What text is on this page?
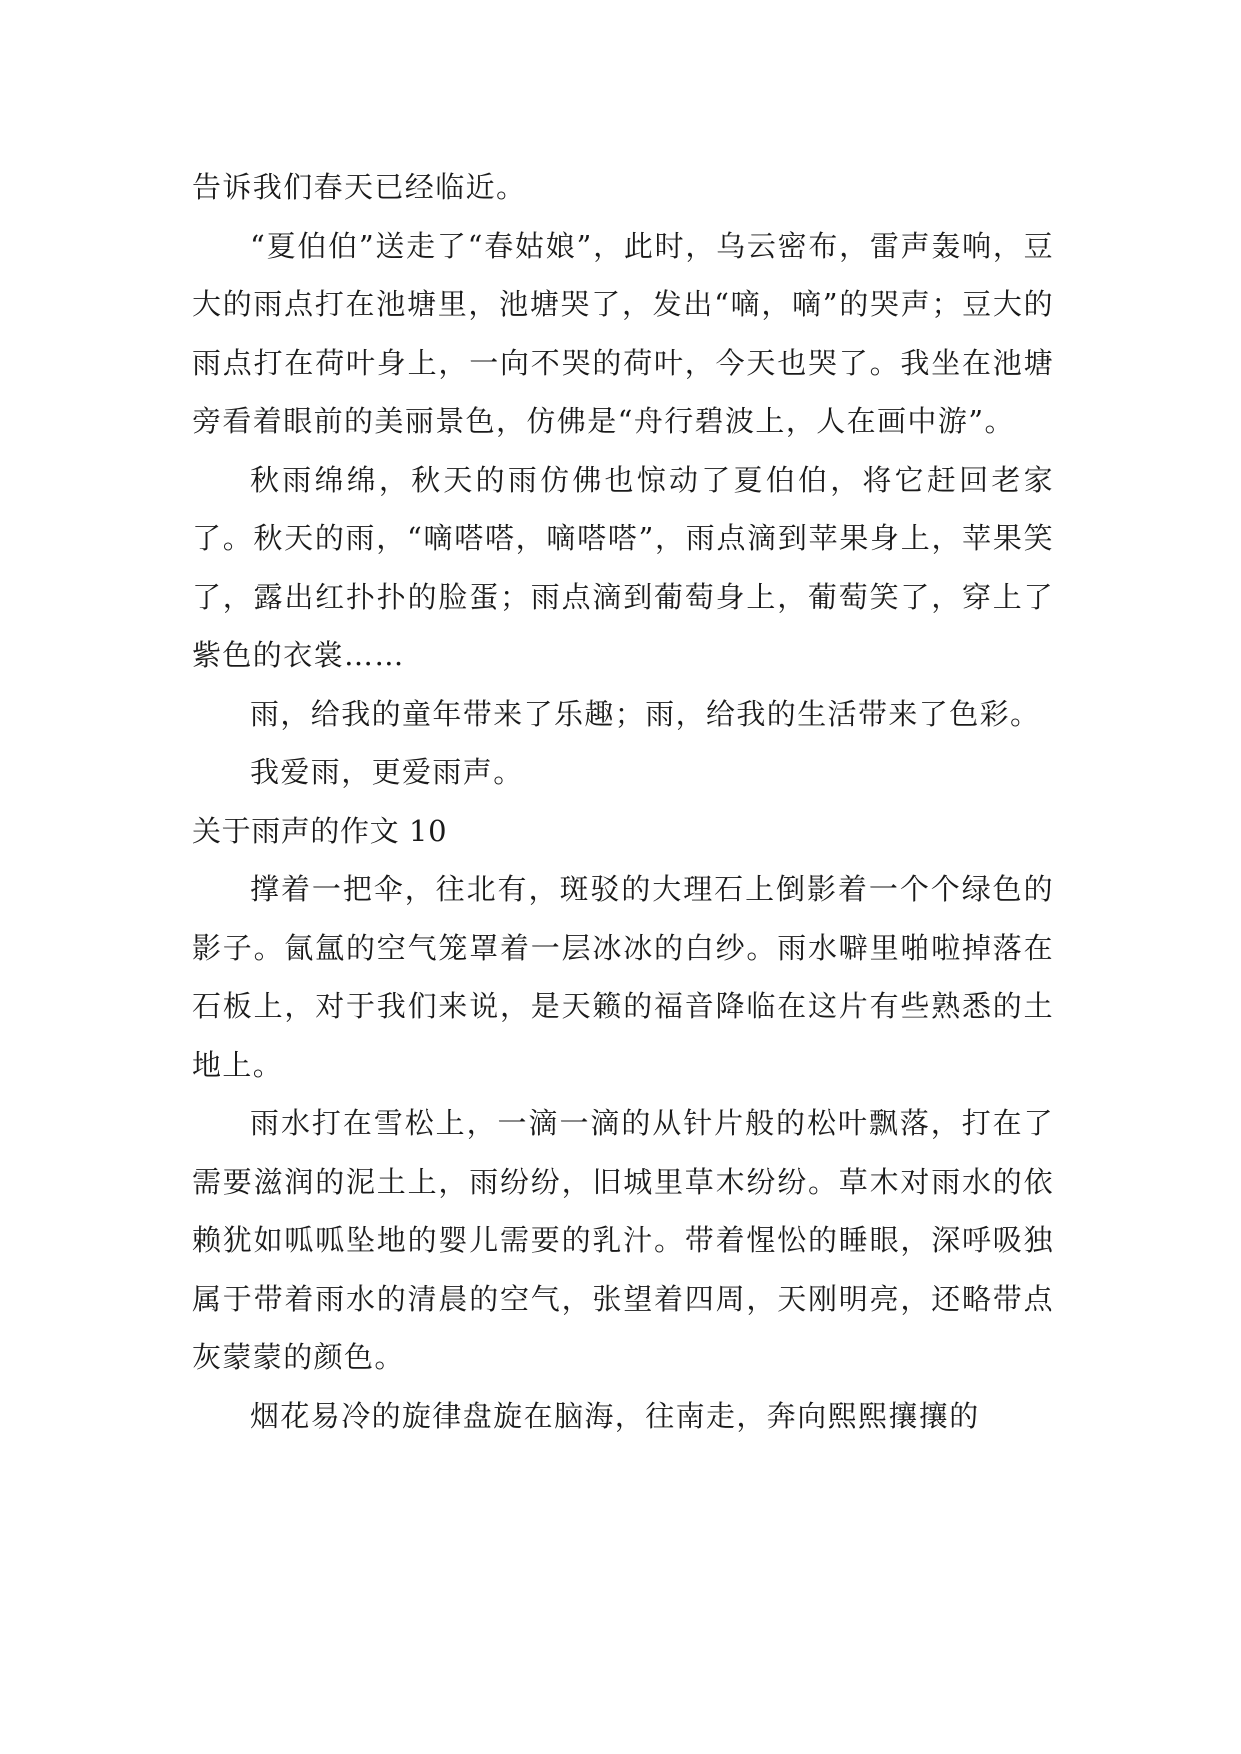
告诉我们春天已经临近。

“夏伯伯”送走了“春姑娘”，此时，乌云密布，雷声轰响，豆大的雨点打在池塘里，池塘哭了，发出“嘀，嘀”的哭声；豆大的雨点打在荷叶身上，一向不哭的荷叶，今天也哭了。我坐在池塘旁看着眼前的美丽景色，仿佛是“舟行碧波上，人在画中游”。

秋雨绵绵，秋天的雨仿佛也惊动了夏伯伯，将它赶回老家了。秋天的雨，“嘀嗒嗒，嘀嗒嗒”，雨点滴到苹果身上，苹果笑了，露出红扑扑的脸蛋；雨点滴到葡萄身上，葡萄笑了，穿上了紫色的衣裳……

雨，给我的童年带来了乐趣；雨，给我的生活带来了色彩。

我爱雨，更爱雨声。

关于雨声的作文 10

撑着一把伞，往北有，斑驳的大理石上倒影着一个个绿色的影子。氤氲的空气笼罩着一层冰冰的白纱。雨水噼里啪啦掉落在石板上，对于我们来说，是天籁的福音降临在这片有些熟悉的土地上。

雨水打在雪松上，一滴一滴的从针片般的松叶飘落，打在了需要滋润的泥土上，雨纷纷，旧城里草木纷纷。草木对雨水的依赖犹如呱呱坠地的婴儿需要的乳汁。带着惺忪的睡眼，深呼吸独属于带着雨水的清晨的空气，张望着四周，天刚明亮，还略带点灰蒙蒙的颜色。

烟花易冷的旋律盘旋在脑海，往南走，奔向熙熙攘攘的
